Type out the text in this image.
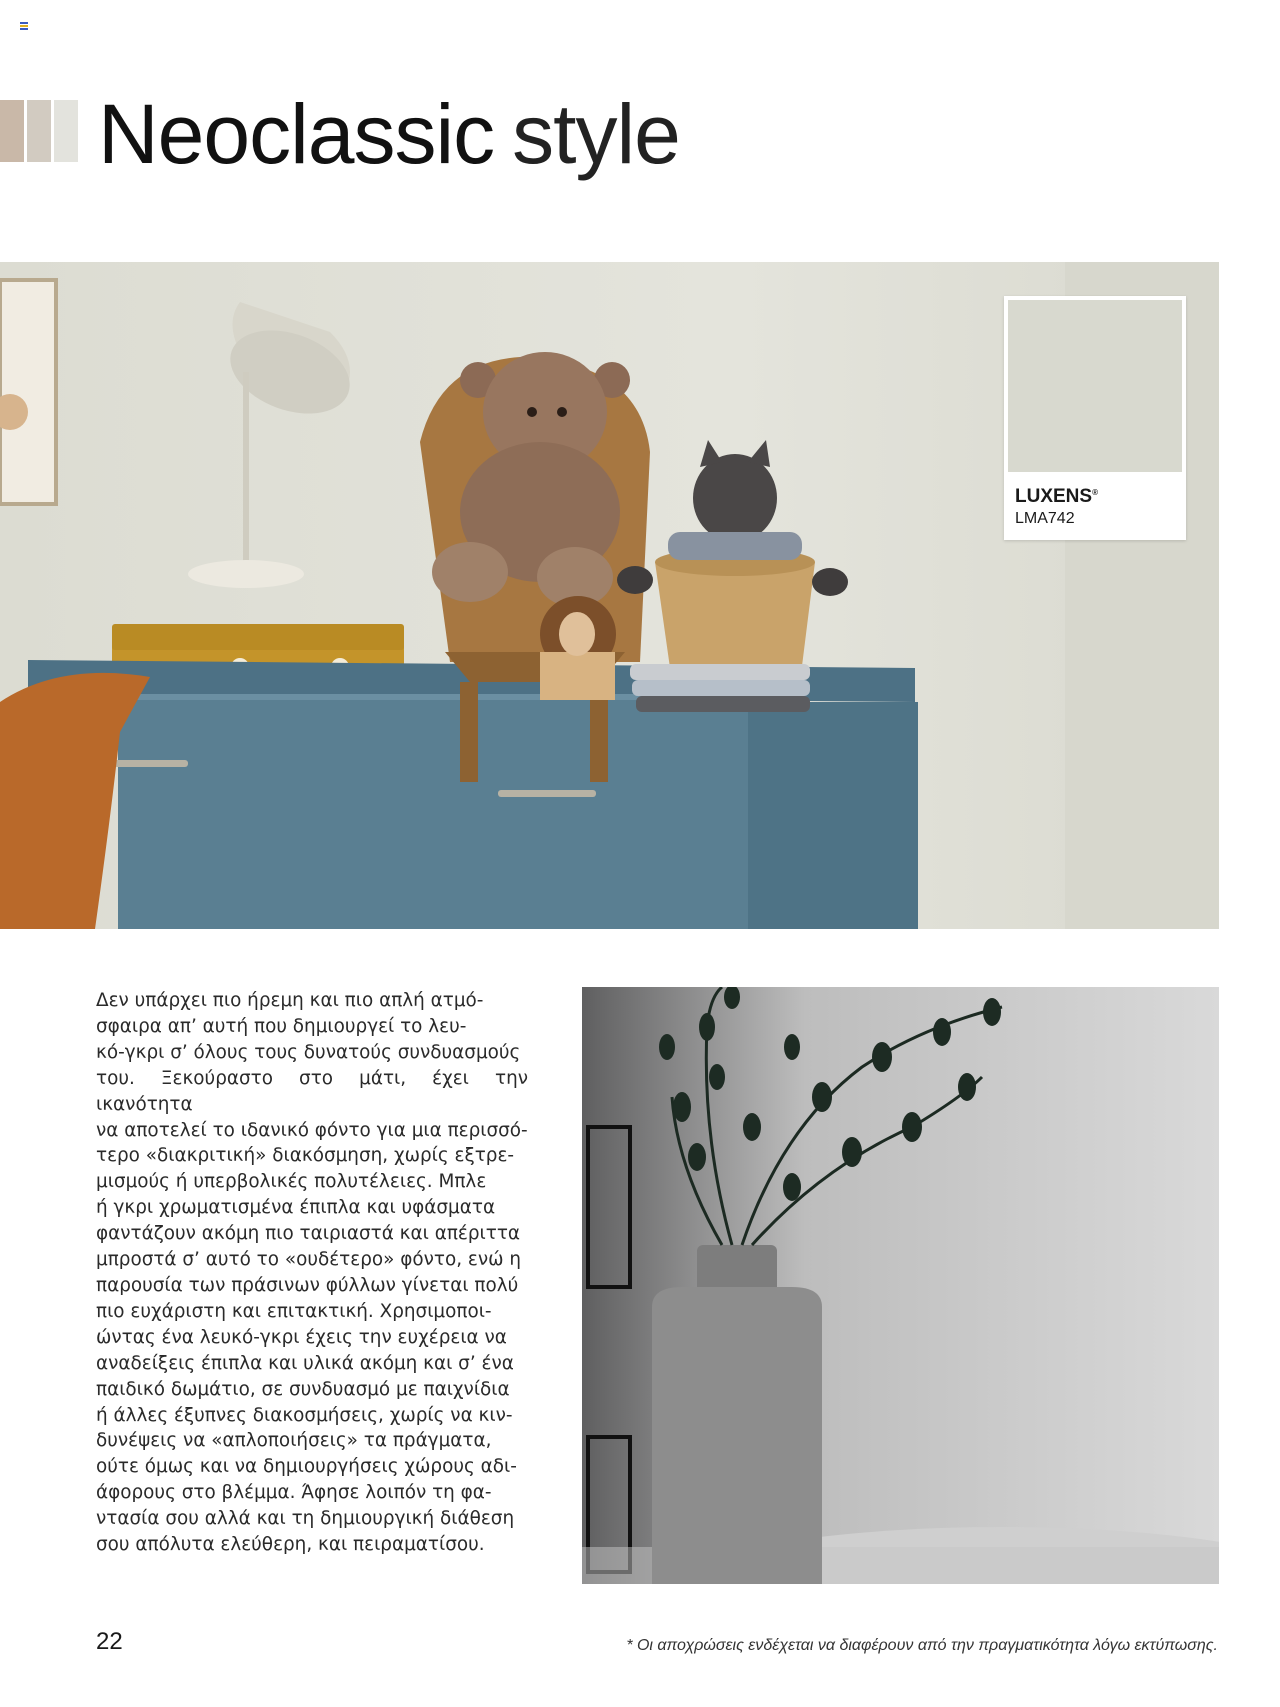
Neoclassic style
LUXENS®
LMA742
Δεν υπάρχει πιο ήρεμη και πιο απλή ατμό-
σφαιρα απ’ αυτή που δημιουργεί το λευ-
κό-γκρι σ’ όλους τους δυνατούς συνδυασμούς
του. Ξεκούραστο στο μάτι, έχει την ικανότητα
να αποτελεί το ιδανικό φόντο για μια περισσό-
τερο «διακριτική» διακόσμηση, χωρίς εξτρε-
μισμούς ή υπερβολικές πολυτέλειες. Μπλε
ή γκρι χρωματισμένα έπιπλα και υφάσματα
φαντάζουν ακόμη πιο ταιριαστά και απέριττα
μπροστά σ’ αυτό το «ουδέτερο» φόντο, ενώ η
παρουσία των πράσινων φύλλων γίνεται πολύ
πιο ευχάριστη και επιτακτική. Χρησιμοποι-
ώντας ένα λευκό-γκρι έχεις την ευχέρεια να
αναδείξεις έπιπλα και υλικά ακόμη και σ’ ένα
παιδικό δωμάτιο, σε συνδυασμό με παιχνίδια
ή άλλες έξυπνες διακοσμήσεις, χωρίς να κιν-
δυνέψεις να «απλοποιήσεις» τα πράγματα,
ούτε όμως και να δημιουργήσεις χώρους αδι-
άφορους στο βλέμμα. Άφησε λοιπόν τη φα-
ντασία σου αλλά και τη δημιουργική διάθεση
σου απόλυτα ελεύθερη, και πειραματίσου.
22	* Οι αποχρώσεις ενδέχεται να διαφέρουν από την πραγματικότητα λόγω εκτύπωσης.
